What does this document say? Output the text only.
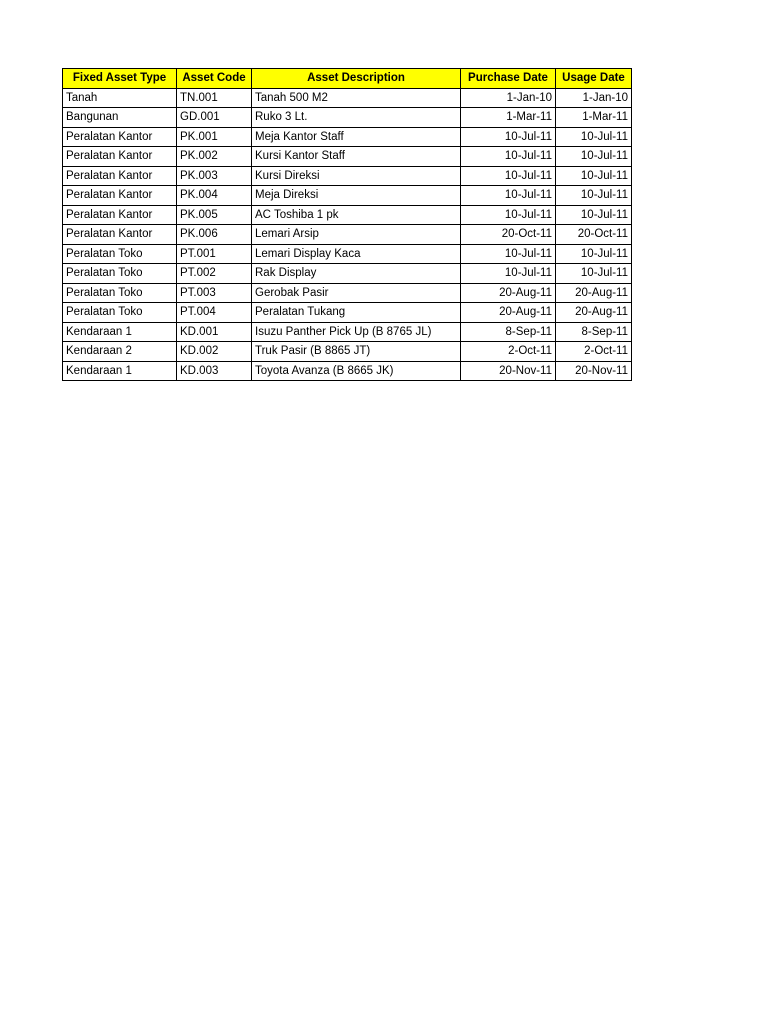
Fixed Asset Type	Asset Code	Asset Description	Purchase Date	Usage Date
Tanah	TN.001	Tanah 500 M2	1-Jan-10	1-Jan-10
Bangunan	GD.001	Ruko 3 Lt.	1-Mar-11	1-Mar-11
Peralatan Kantor	PK.001	Meja Kantor Staff	10-Jul-11	10-Jul-11
Peralatan Kantor	PK.002	Kursi Kantor Staff	10-Jul-11	10-Jul-11
Peralatan Kantor	PK.003	Kursi Direksi	10-Jul-11	10-Jul-11
Peralatan Kantor	PK.004	Meja Direksi	10-Jul-11	10-Jul-11
Peralatan Kantor	PK.005	AC Toshiba 1 pk	10-Jul-11	10-Jul-11
Peralatan Kantor	PK.006	Lemari Arsip	20-Oct-11	20-Oct-11
Peralatan Toko	PT.001	Lemari Display Kaca	10-Jul-11	10-Jul-11
Peralatan Toko	PT.002	Rak Display	10-Jul-11	10-Jul-11
Peralatan Toko	PT.003	Gerobak Pasir	20-Aug-11	20-Aug-11
Peralatan Toko	PT.004	Peralatan Tukang	20-Aug-11	20-Aug-11
Kendaraan 1	KD.001	Isuzu Panther Pick Up (B 8765 JL)	8-Sep-11	8-Sep-11
Kendaraan 2	KD.002	Truk Pasir (B 8865 JT)	2-Oct-11	2-Oct-11
Kendaraan 1	KD.003	Toyota Avanza (B 8665 JK)	20-Nov-11	20-Nov-11
